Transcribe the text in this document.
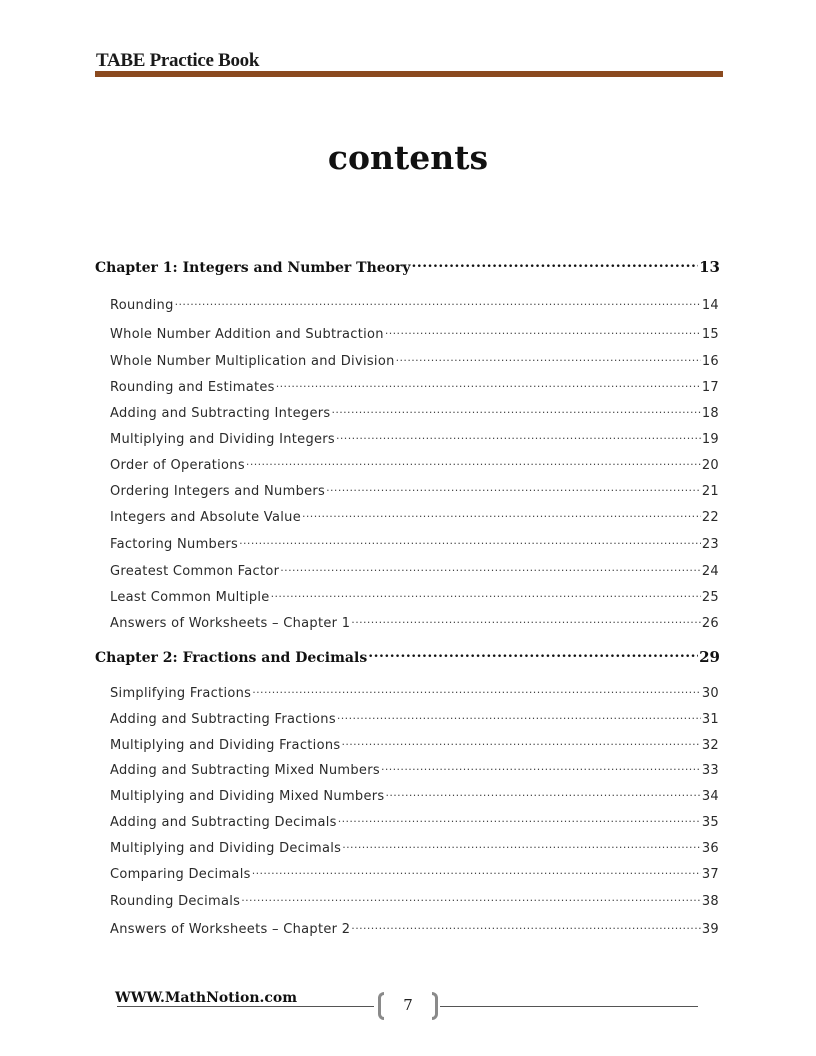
TABE Practice Book
contents
Chapter 1: Integers and Number Theory .....	13
Rounding .....	14
Whole Number Addition and Subtraction .....	15
Whole Number Multiplication and Division .....	16
Rounding and Estimates .....	17
Adding and Subtracting Integers .....	18
Multiplying and Dividing Integers .....	19
Order of Operations .....	20
Ordering Integers and Numbers .....	21
Integers and Absolute Value .....	22
Factoring Numbers .....	23
Greatest Common Factor .....	24
Least Common Multiple .....	25
Answers of Worksheets – Chapter 1 .....	26
Chapter 2: Fractions and Decimals .....	29
Simplifying Fractions .....	30
Adding and Subtracting Fractions .....	31
Multiplying and Dividing Fractions .....	32
Adding and Subtracting Mixed Numbers .....	33
Multiplying and Dividing Mixed Numbers .....	34
Adding and Subtracting Decimals .....	35
Multiplying and Dividing Decimals .....	36
Comparing Decimals .....	37
Rounding Decimals .....	38
Answers of Worksheets – Chapter 2 .....	39
WWW.MathNotion.com	7
